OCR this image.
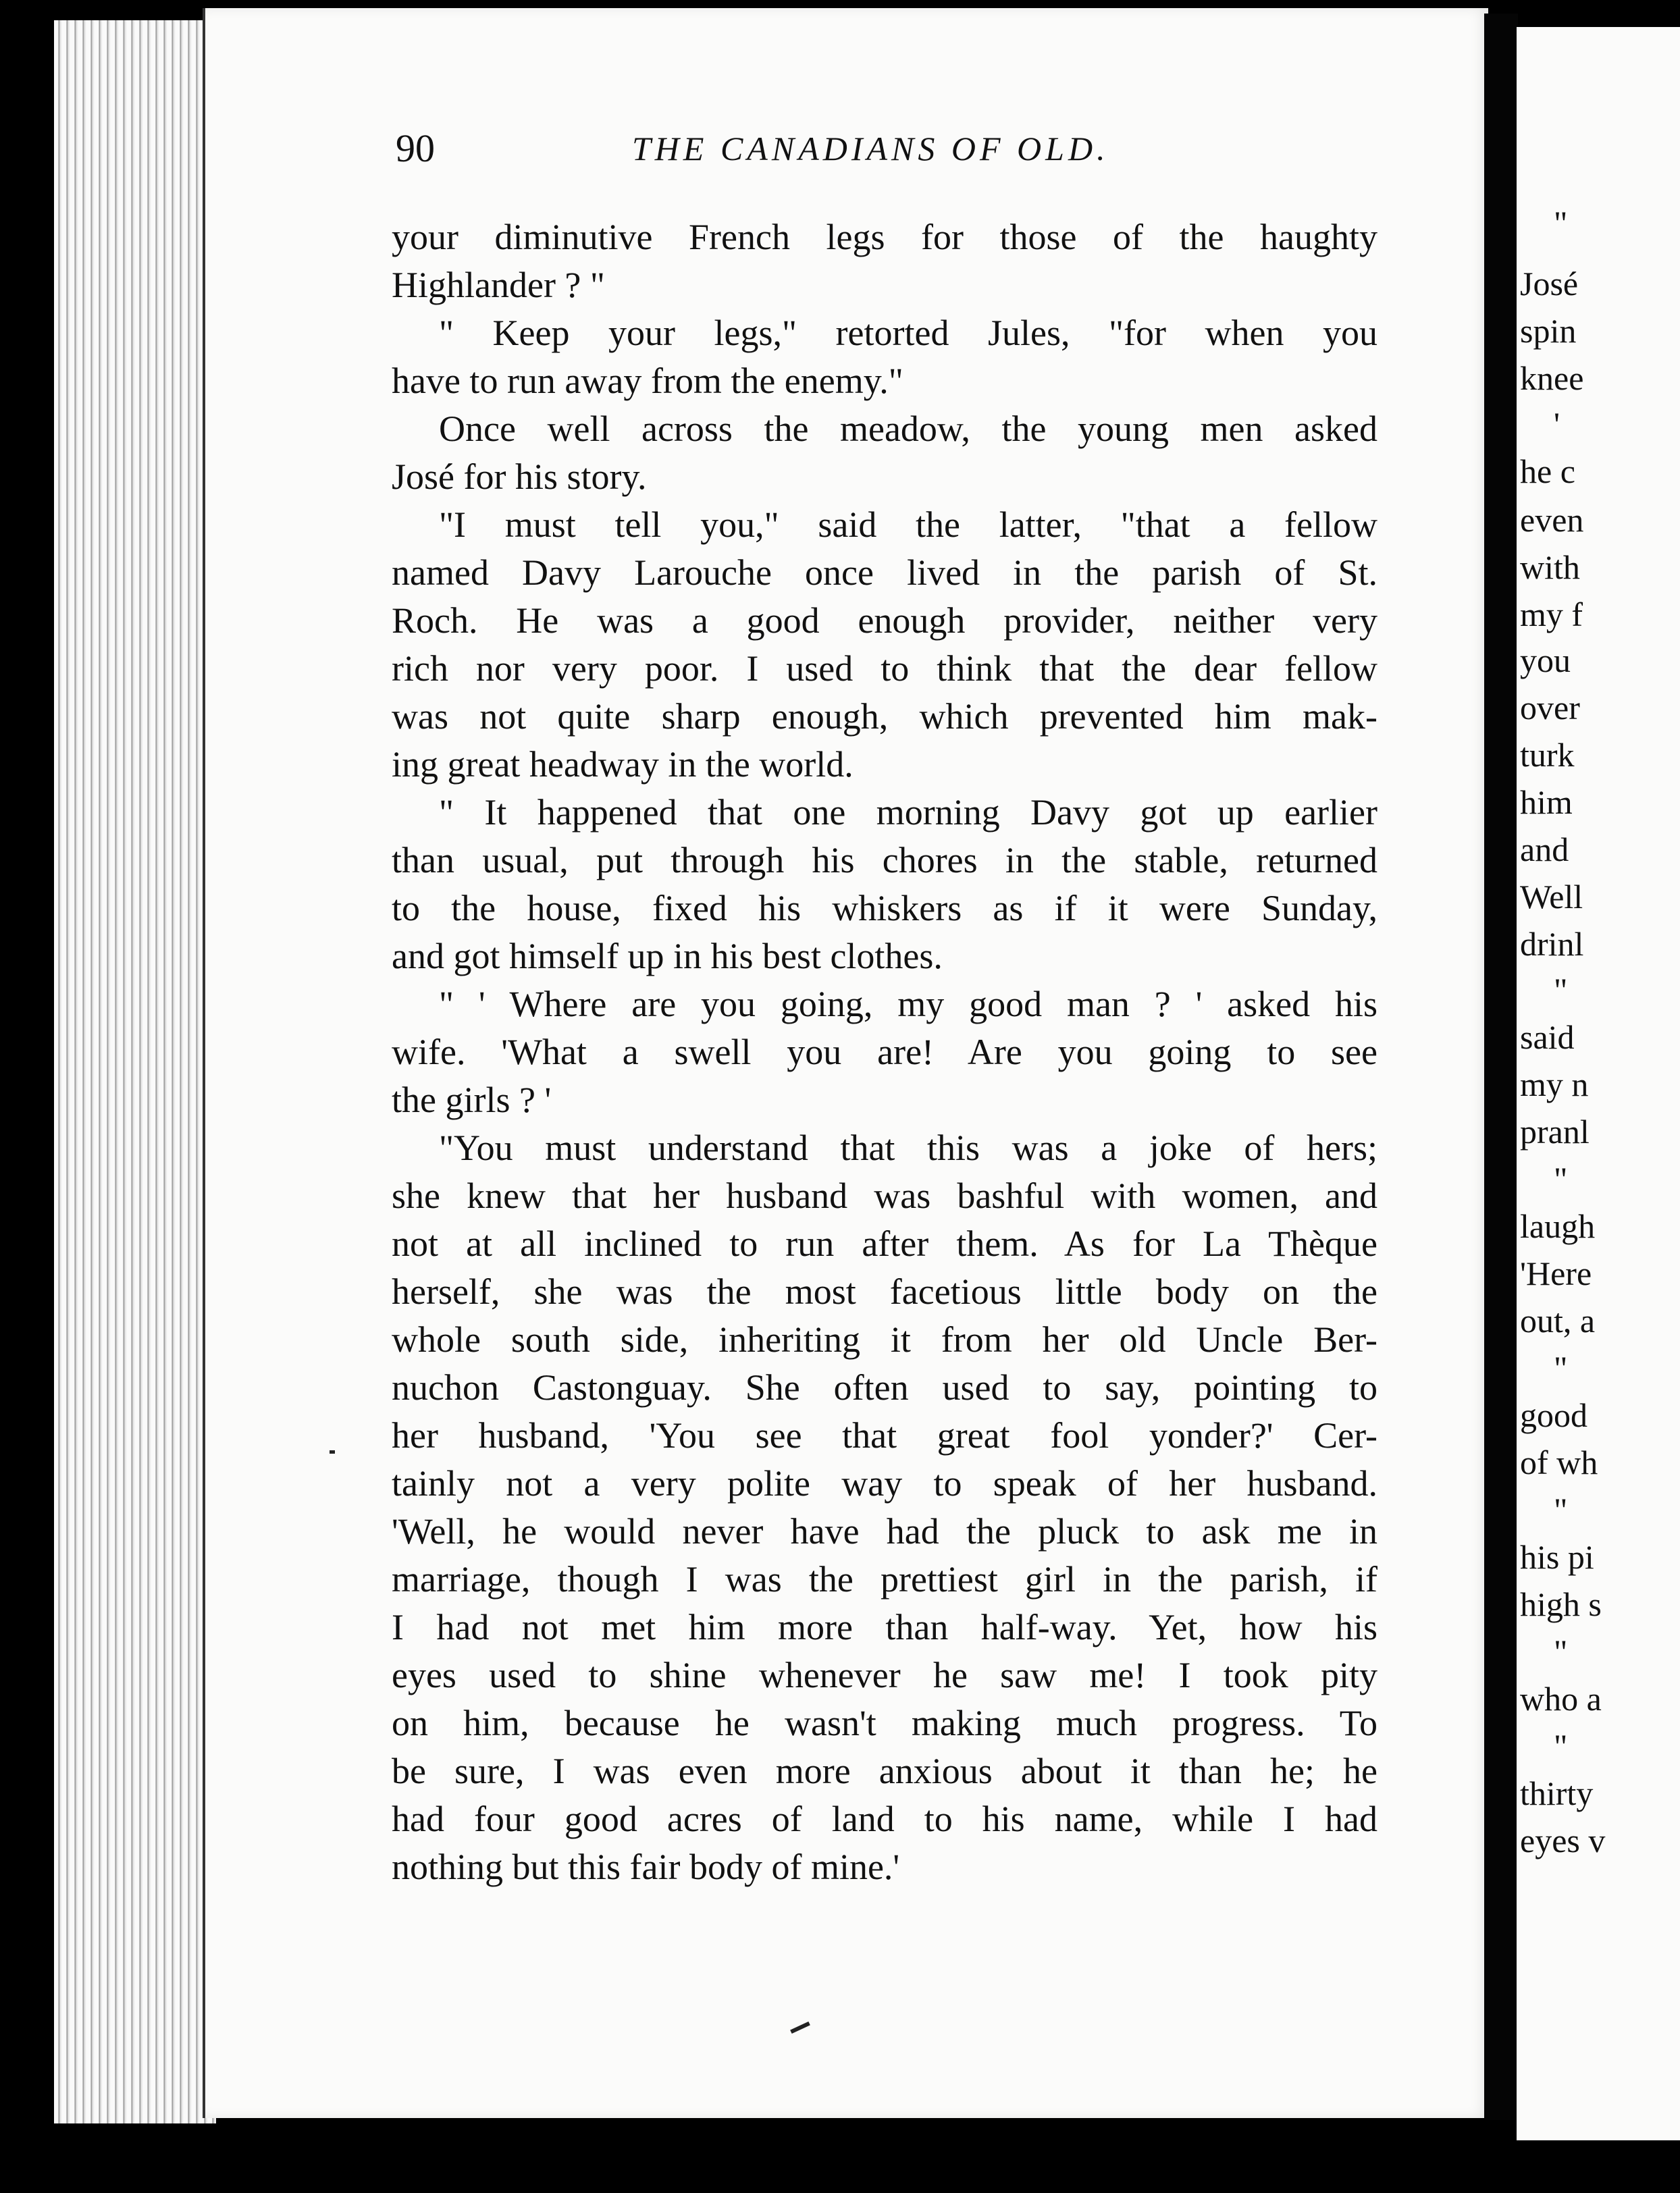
90	THE CANADIANS OF OLD.
your diminutive French legs for those of the haughty
Highlander ? "
" Keep your legs," retorted Jules, "for when you
have to run away from the enemy."
Once well across the meadow, the young men asked
José for his story.
"I must tell you," said the latter, "that a fellow
named Davy Larouche once lived in the parish of St.
Roch. He was a good enough provider, neither very
rich nor very poor. I used to think that the dear fellow
was not quite sharp enough, which prevented him mak-
ing great headway in the world.
" It happened that one morning Davy got up earlier
than usual, put through his chores in the stable, returned
to the house, fixed his whiskers as if it were Sunday,
and got himself up in his best clothes.
" ' Where are you going, my good man ? ' asked his
wife. 'What a swell you are! Are you going to see
the girls ? '
"You must understand that this was a joke of hers;
she knew that her husband was bashful with women, and
not at all inclined to run after them. As for La Thèque
herself, she was the most facetious little body on the
whole south side, inheriting it from her old Uncle Ber-
nuchon Castonguay. She often used to say, pointing to
her husband, 'You see that great fool yonder?' Cer-
tainly not a very polite way to speak of her husband.
'Well, he would never have had the pluck to ask me in
marriage, though I was the prettiest girl in the parish, if
I had not met him more than half-way. Yet, how his
eyes used to shine whenever he saw me! I took pity
on him, because he wasn't making much progress. To
be sure, I was even more anxious about it than he; he
had four good acres of land to his name, while I had
nothing but this fair body of mine.'
"
José
spin
knee
'
he c
even
with
my f
you
over
turk
him
and
Well
drinl
"
said
my n
pranl
"
laugh
'Here
out, a
"
good
of wh
"
his pi
high s
"
who a
"
thirty
eyes v
